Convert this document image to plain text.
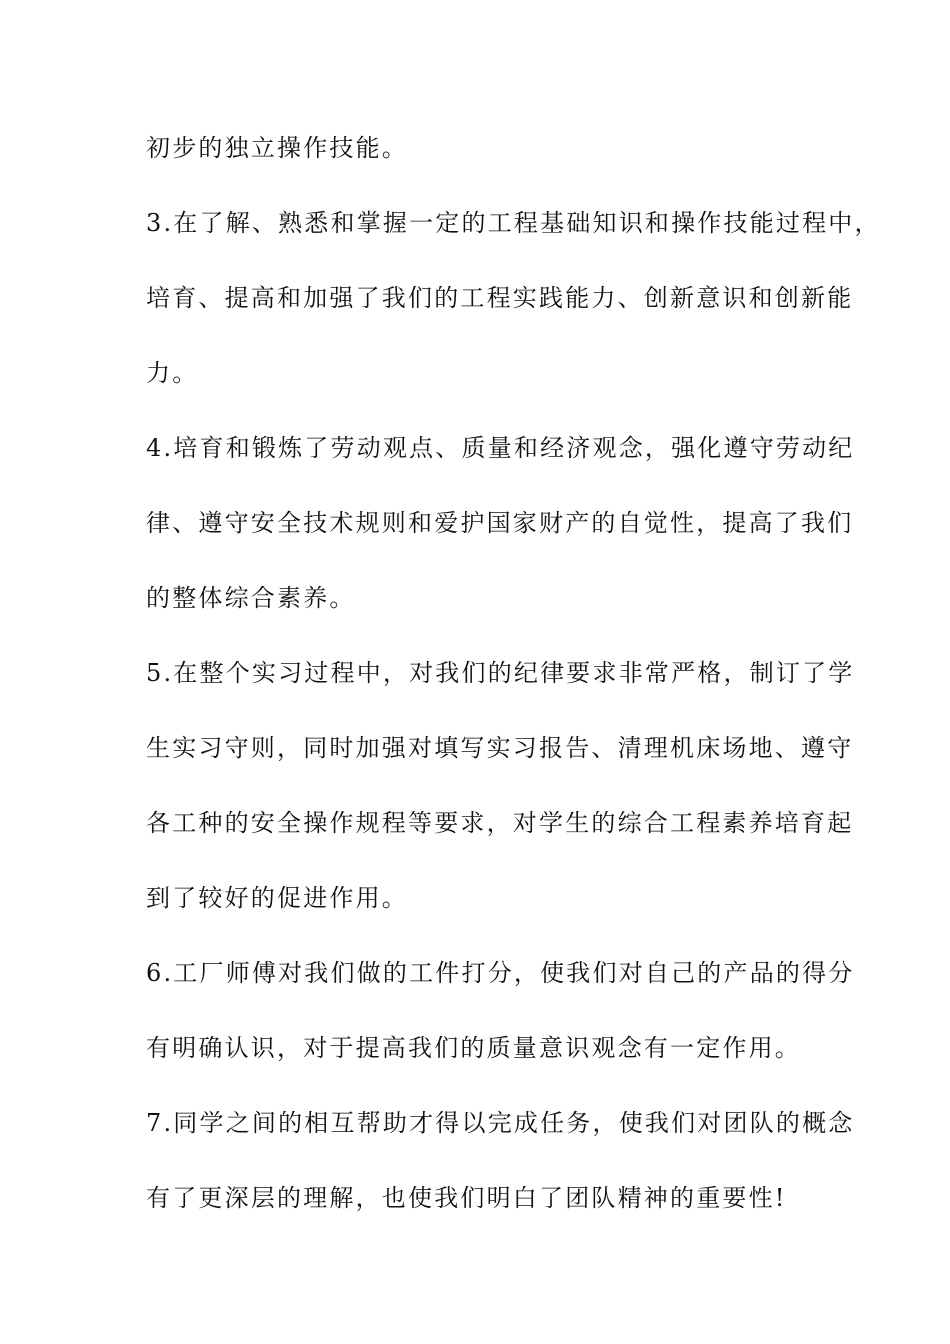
初步的独立操作技能。

3.在了解、熟悉和掌握一定的工程基础知识和操作技能过程中，

培育、提高和加强了我们的工程实践能力、创新意识和创新能

力。

4.培育和锻炼了劳动观点、质量和经济观念，强化遵守劳动纪

律、遵守安全技术规则和爱护国家财产的自觉性，提高了我们

的整体综合素养。

5.在整个实习过程中，对我们的纪律要求非常严格，制订了学

生实习守则，同时加强对填写实习报告、清理机床场地、遵守

各工种的安全操作规程等要求，对学生的综合工程素养培育起

到了较好的促进作用。

6.工厂师傅对我们做的工件打分，使我们对自己的产品的得分

有明确认识，对于提高我们的质量意识观念有一定作用。

7.同学之间的相互帮助才得以完成任务，使我们对团队的概念

有了更深层的理解，也使我们明白了团队精神的重要性!
